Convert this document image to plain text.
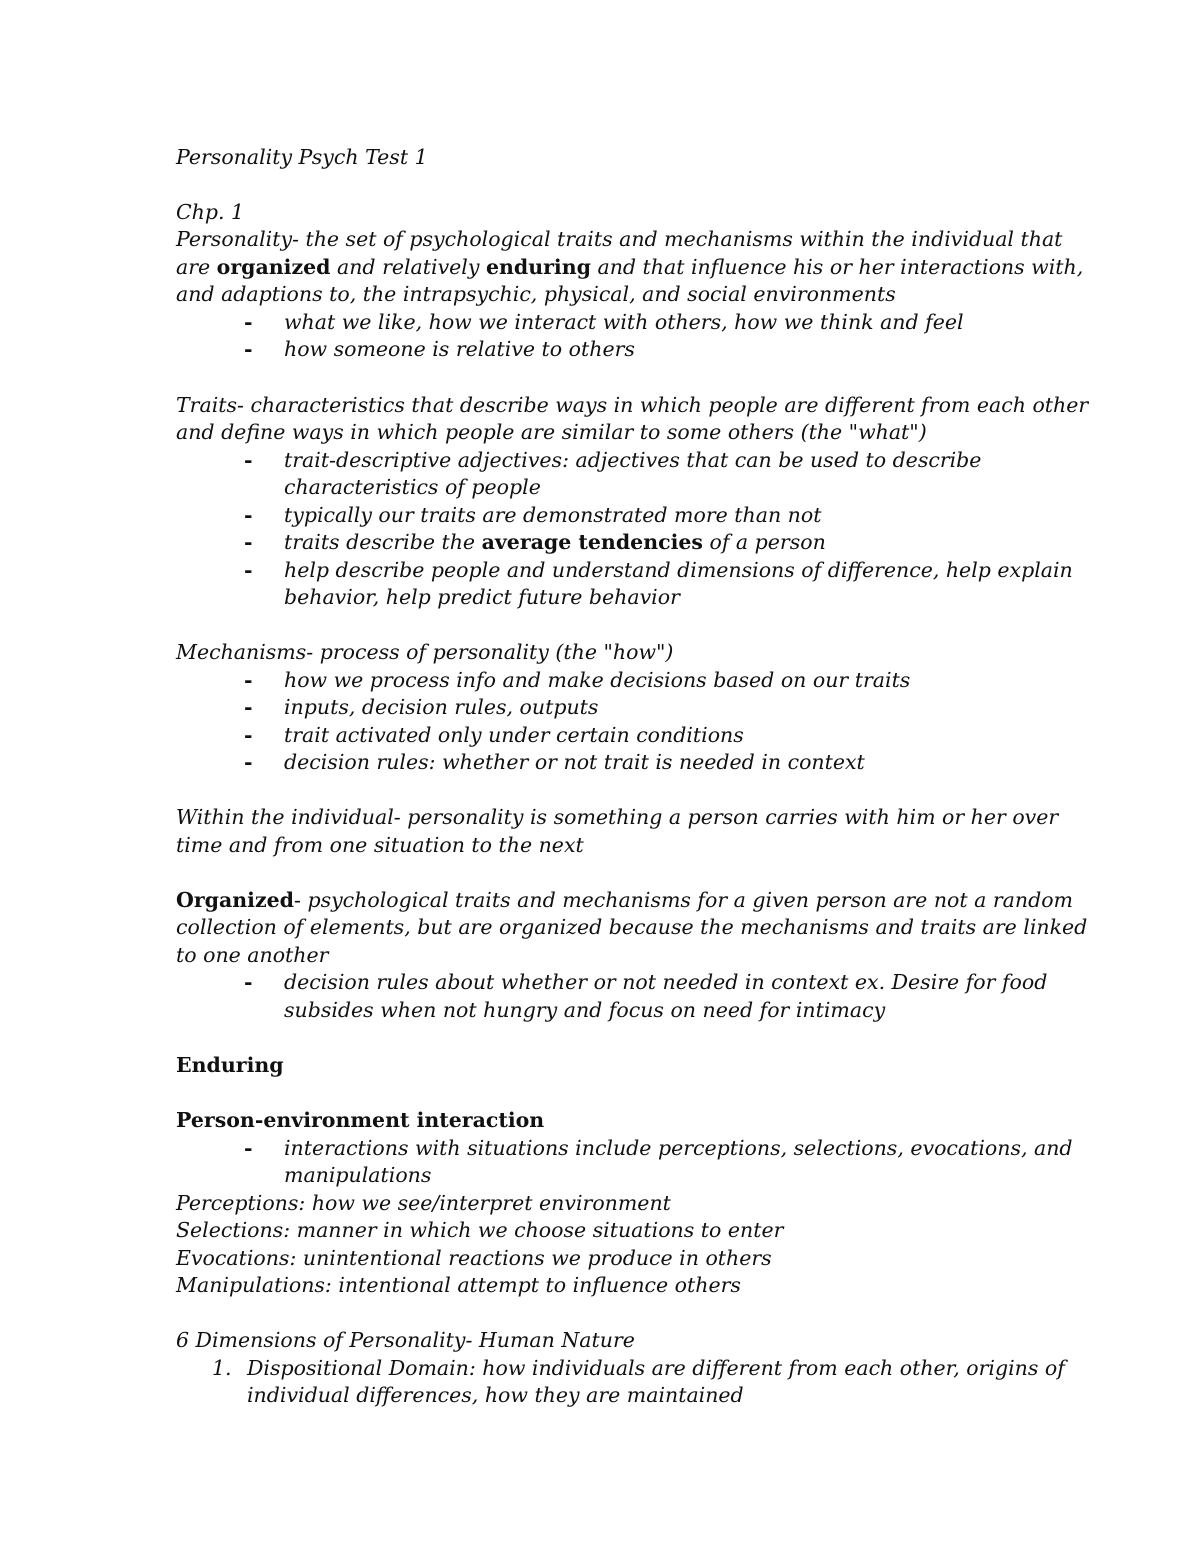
Personality Psych Test 1
Chp. 1
Personality- the set of psychological traits and mechanisms within the individual that
are organized and relatively enduring and that influence his or her interactions with,
and adaptions to, the intrapsychic, physical, and social environments
- what we like, how we interact with others, how we think and feel
- how someone is relative to others
Traits- characteristics that describe ways in which people are different from each other
and define ways in which people are similar to some others (the "what")
- trait-descriptive adjectives: adjectives that can be used to describe
characteristics of people
- typically our traits are demonstrated more than not
- traits describe the average tendencies of a person
- help describe people and understand dimensions of difference, help explain
behavior, help predict future behavior
Mechanisms- process of personality (the "how")
- how we process info and make decisions based on our traits
- inputs, decision rules, outputs
- trait activated only under certain conditions
- decision rules: whether or not trait is needed in context
Within the individual- personality is something a person carries with him or her over
time and from one situation to the next
Organized- psychological traits and mechanisms for a given person are not a random
collection of elements, but are organized because the mechanisms and traits are linked
to one another
- decision rules about whether or not needed in context ex. Desire for food
subsides when not hungry and focus on need for intimacy
Enduring
Person-environment interaction
- interactions with situations include perceptions, selections, evocations, and
manipulations
Perceptions: how we see/interpret environment
Selections: manner in which we choose situations to enter
Evocations: unintentional reactions we produce in others
Manipulations: intentional attempt to influence others
6 Dimensions of Personality- Human Nature
1. Dispositional Domain: how individuals are different from each other, origins of
individual differences, how they are maintained
